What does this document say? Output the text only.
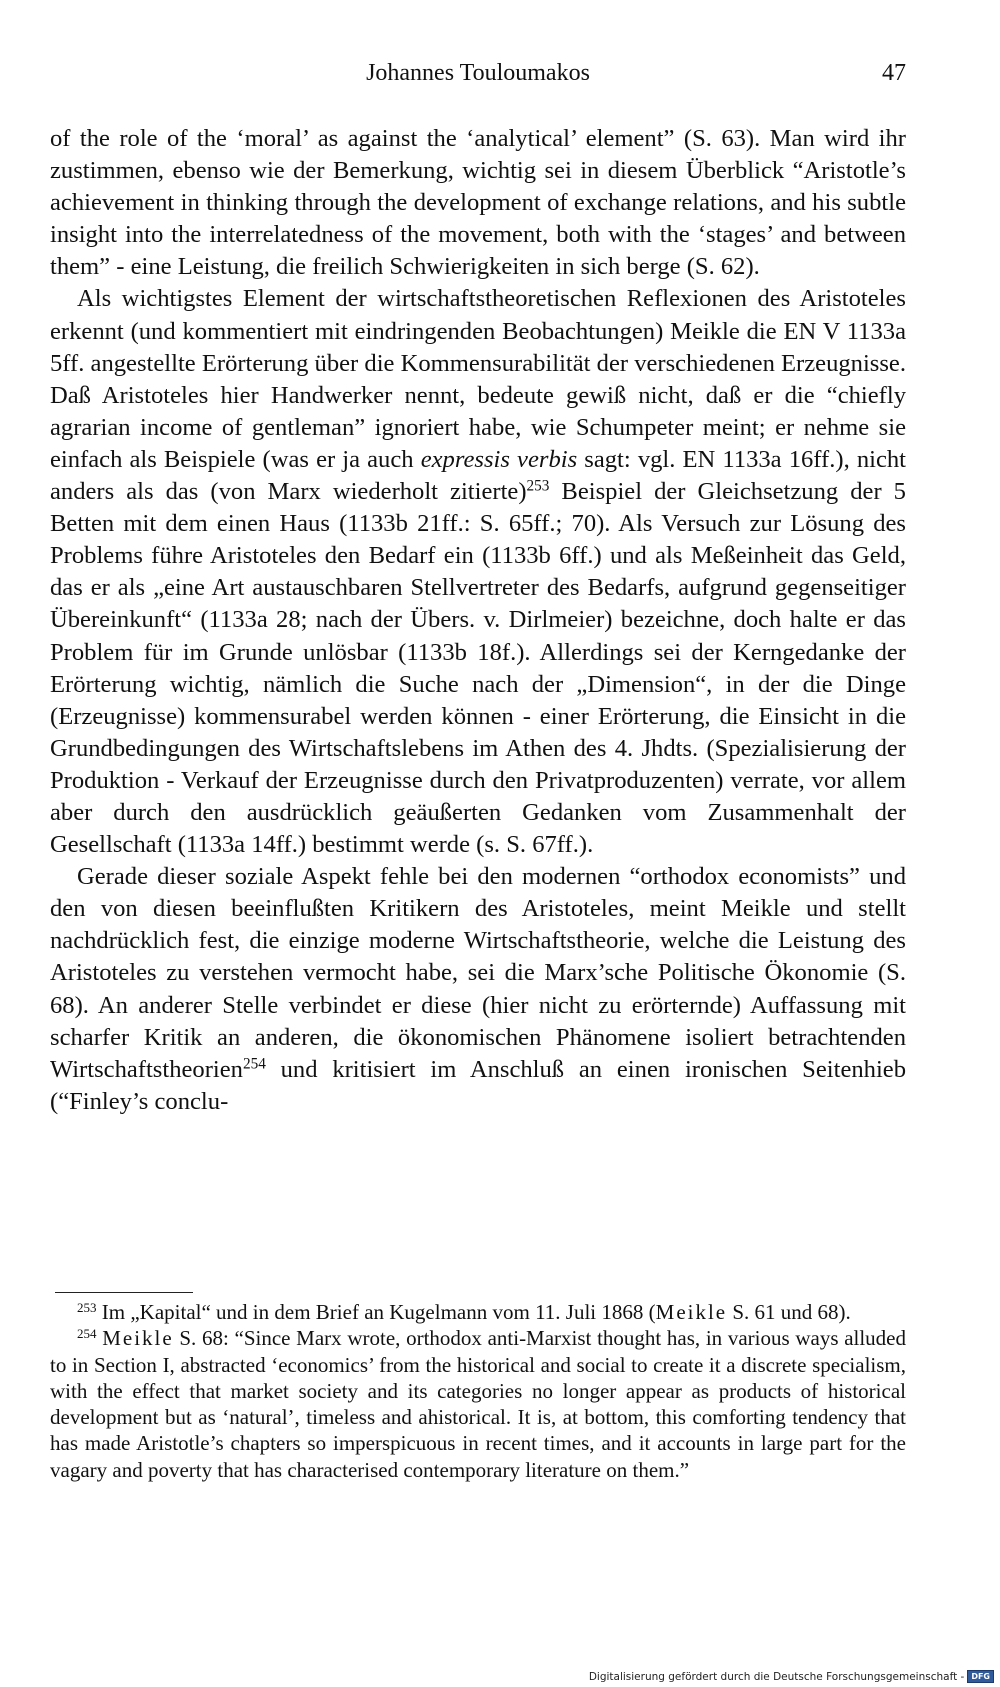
Johannes Touloumakos	47

of the role of the ‘moral’ as against the ‘analytical’ element” (S. 63). Man wird ihr zustimmen, ebenso wie der Bemerkung, wichtig sei in diesem Überblick “Aristotle’s achievement in thinking through the development of exchange relations, and his subtle insight into the interrelatedness of the movement, both with the ‘stages’ and between them” - eine Leistung, die freilich Schwierigkeiten in sich berge (S. 62).

Als wichtigstes Element der wirtschaftstheoretischen Reflexionen des Aristoteles erkennt (und kommentiert mit eindringenden Beobachtungen) Meikle die EN V 1133a 5ff. angestellte Erörterung über die Kommensurabilität der verschiedenen Erzeugnisse. Daß Aristoteles hier Handwerker nennt, bedeute gewiß nicht, daß er die “chiefly agrarian income of gentleman” ignoriert habe, wie Schumpeter meint; er nehme sie einfach als Beispiele (was er ja auch expressis verbis sagt: vgl. EN 1133a 16ff.), nicht anders als das (von Marx wiederholt zitierte)$^{253}$ Beispiel der Gleichsetzung der 5 Betten mit dem einen Haus (1133b 21ff.: S. 65ff.; 70). Als Versuch zur Lösung des Problems führe Aristoteles den Bedarf ein (1133b 6ff.) und als Meßeinheit das Geld, das er als „eine Art austauschbaren Stellvertreter des Bedarfs, aufgrund gegenseitiger Übereinkunft“ (1133a 28; nach der Übers. v. Dirlmeier) bezeichne, doch halte er das Problem für im Grunde unlösbar (1133b 18f.). Allerdings sei der Kerngedanke der Erörterung wichtig, nämlich die Suche nach der „Dimension“, in der die Dinge (Erzeugnisse) kommensurabel werden können - einer Erörterung, die Einsicht in die Grundbedingungen des Wirtschaftslebens im Athen des 4. Jhdts. (Spezialisierung der Produktion - Verkauf der Erzeugnisse durch den Privatproduzenten) verrate, vor allem aber durch den ausdrücklich geäußerten Gedanken vom Zusammenhalt der Gesellschaft (1133a 14ff.) bestimmt werde (s. S. 67ff.).

Gerade dieser soziale Aspekt fehle bei den modernen “orthodox economists” und den von diesen beeinflußten Kritikern des Aristoteles, meint Meikle und stellt nachdrücklich fest, die einzige moderne Wirtschaftstheorie, welche die Leistung des Aristoteles zu verstehen vermocht habe, sei die Marx’sche Politische Ökonomie (S. 68). An anderer Stelle verbindet er diese (hier nicht zu erörternde) Auffassung mit scharfer Kritik an anderen, die ökonomischen Phänomene isoliert betrachtenden Wirtschaftstheorien$^{254}$ und kritisiert im Anschluß an einen ironischen Seitenhieb (“Finley’s conclu-

$^{253}$ Im „Kapital“ und in dem Brief an Kugelmann vom 11. Juli 1868 (Meikle S. 61 und 68).

$^{254}$ Meikle S. 68: “Since Marx wrote, orthodox anti-Marxist thought has, in various ways alluded to in Section I, abstracted ‘economics’ from the historical and social to create it a discrete specialism, with the effect that market society and its categories no longer appear as products of historical development but as ‘natural’, timeless and ahistorical. It is, at bottom, this comforting tendency that has made Aristotle’s chapters so imperspicuous in recent times, and it accounts in large part for the vagary and poverty that has characterised contemporary literature on them.”

Digitalisierung gefördert durch die Deutsche Forschungsgemeinschaft - DFG
